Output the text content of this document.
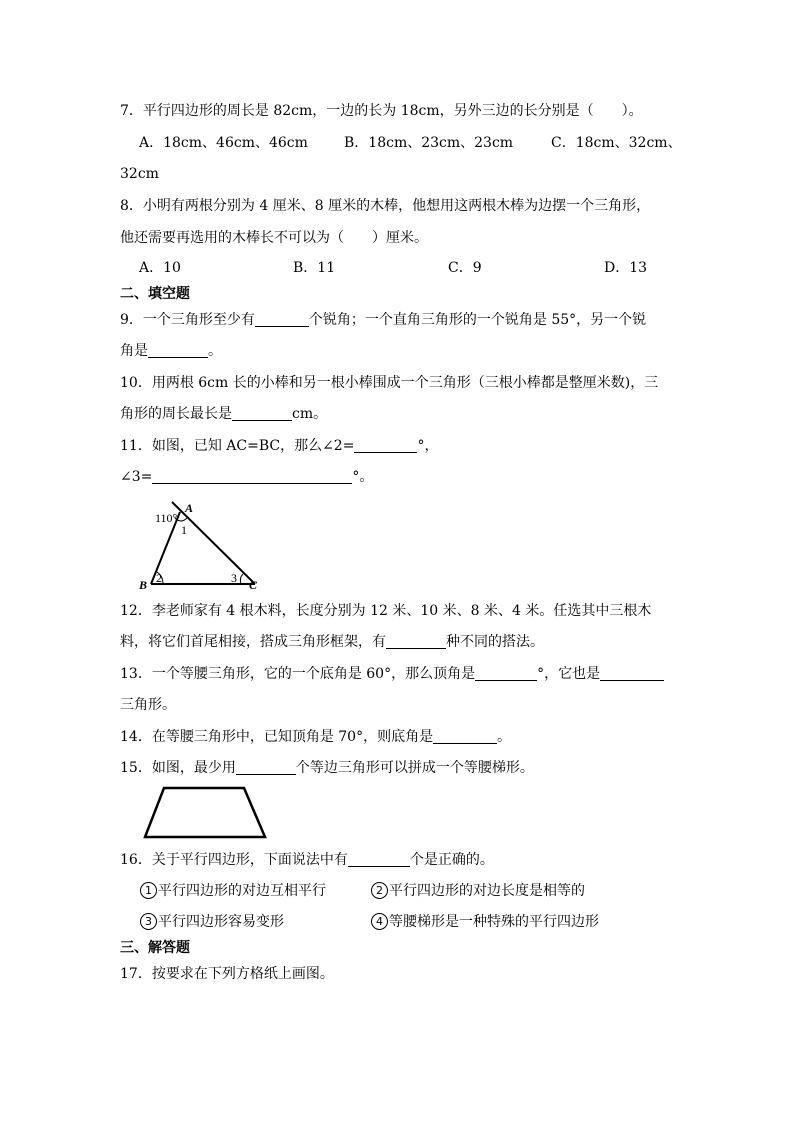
7．平行四边形的周长是 82cm，一边的长为 18cm，另外三边的长分别是（　　）。
A．18cm、46cm、46cm	B．18cm、23cm、23cm	C．18cm、32cm、
32cm
8．小明有两根分别为 4 厘米、8 厘米的木棒，他想用这两根木棒为边摆一个三角形，
他还需要再选用的木棒长不可以为（　　）厘米。
A．10	B．11	C．9	D．13
二、填空题
9．一个三角形至少有	个锐角；一个直角三角形的一个锐角是 55°，另一个锐
角是	。
10．用两根 6cm 长的小棒和另一根小棒围成一个三角形（三根小棒都是整厘米数)，三
角形的周长最长是	cm。
11．如图，已知 AC=BC，那么∠2=	°，
∠3=	°。
110°
A
1
B 2	3 C
12．李老师家有 4 根木料，长度分别为 12 米、10 米、8 米、4 米。任选其中三根木
料，将它们首尾相接，搭成三角形框架，有	种不同的搭法。
13．一个等腰三角形，它的一个底角是 60°，那么顶角是	°，它也是
三角形。
14．在等腰三角形中，已知顶角是 70°，则底角是	。
15．如图，最少用	个等边三角形可以拼成一个等腰梯形。
16．关于平行四边形，下面说法中有	个是正确的。
1 平行四边形的对边互相平行	2 平行四边形的对边长度是相等的
3 平行四边形容易变形	4 等腰梯形是一种特殊的平行四边形
三、解答题
17．按要求在下列方格纸上画图。
